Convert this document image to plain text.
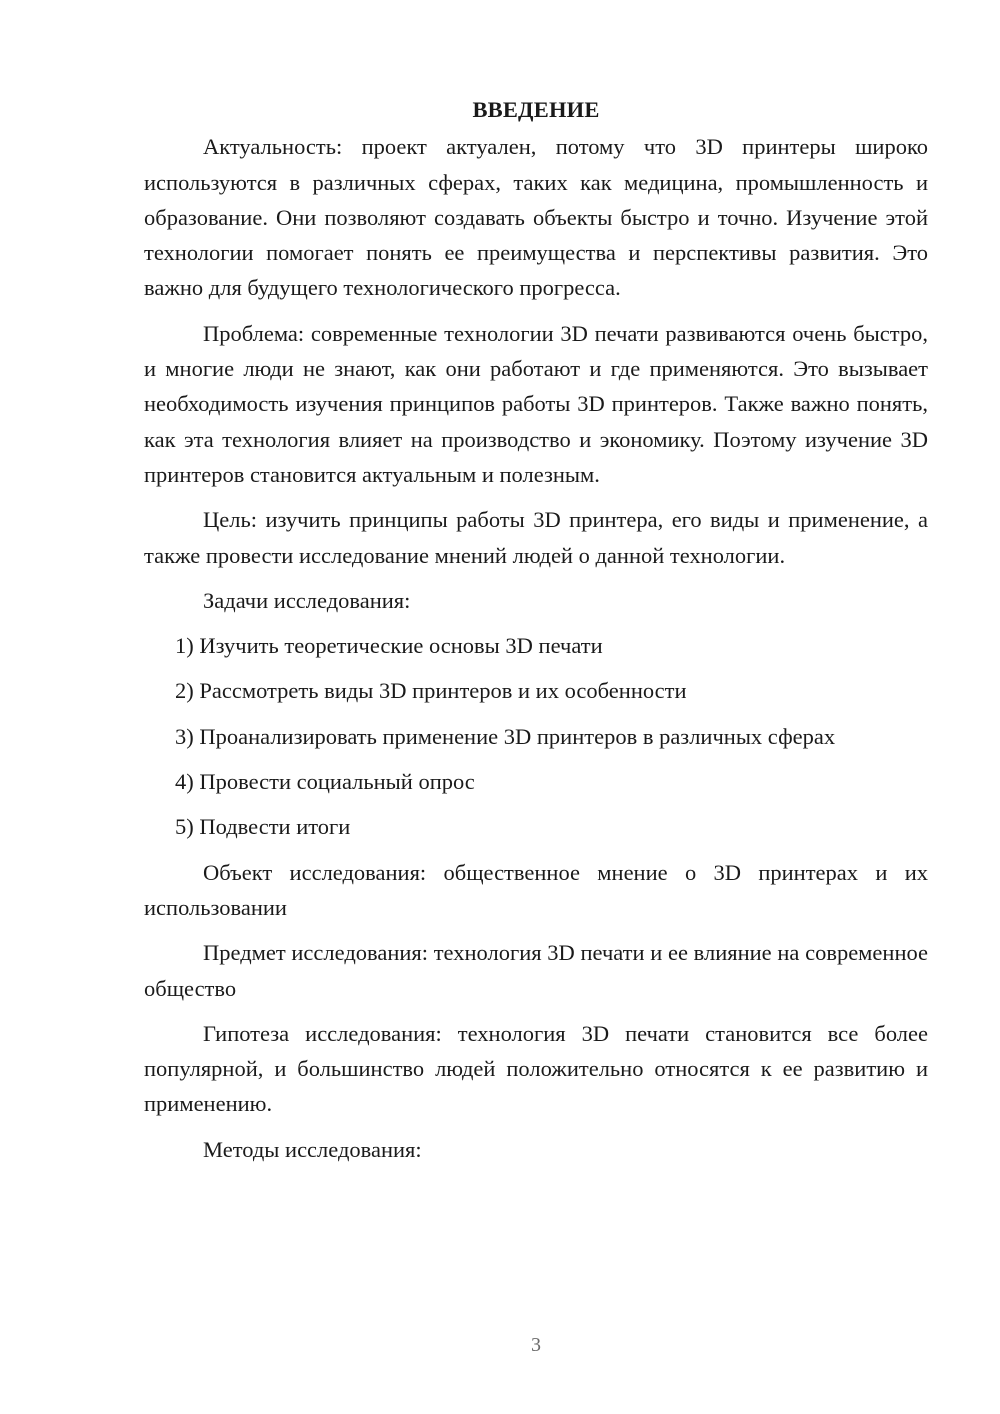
ВВЕДЕНИЕ

Актуальность: проект актуален, потому что 3D принтеры широко используются в различных сферах, таких как медицина, промышленность и образование. Они позволяют создавать объекты быстро и точно. Изучение этой технологии помогает понять ее преимущества и перспективы развития. Это важно для будущего технологического прогресса.

Проблема: современные технологии 3D печати развиваются очень быстро, и многие люди не знают, как они работают и где применяются. Это вызывает необходимость изучения принципов работы 3D принтеров. Также важно понять, как эта технология влияет на производство и экономику. Поэтому изучение 3D принтеров становится актуальным и полезным.

Цель: изучить принципы работы 3D принтера, его виды и применение, а также провести исследование мнений людей о данной технологии.

Задачи исследования:
1) Изучить теоретические основы 3D печати
2) Рассмотреть виды 3D принтеров и их особенности
3) Проанализировать применение 3D принтеров в различных сферах
4) Провести социальный опрос
5) Подвести итоги

Объект исследования: общественное мнение о 3D принтерах и их использовании

Предмет исследования: технология 3D печати и ее влияние на современное общество

Гипотеза исследования: технология 3D печати становится все более популярной, и большинство людей положительно относятся к ее развитию и применению.

Методы исследования:
3
